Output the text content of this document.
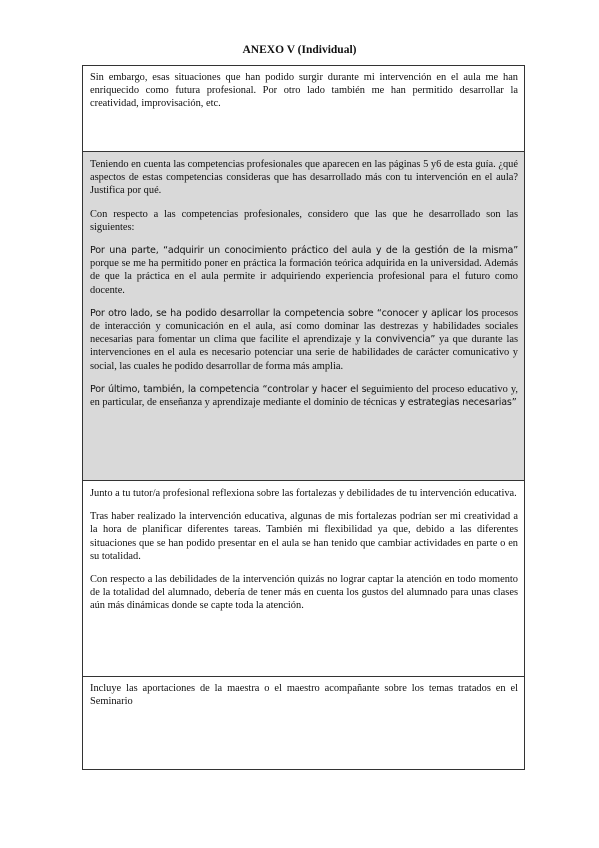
ANEXO V (Individual)

Sin embargo, esas situaciones que han podido surgir durante mi intervención en el aula me han enriquecido como futura profesional. Por otro lado también me han permitido desarrollar la creatividad, improvisación, etc.

Teniendo en cuenta las competencias profesionales que aparecen en las páginas 5 y6 de esta guía. ¿qué aspectos de estas competencias consideras que has desarrollado más con tu intervención en el aula? Justifica por qué.

Con respecto a las competencias profesionales, considero que las que he desarrollado son las siguientes:

Por una parte, “adquirir un conocimiento práctico del aula y de la gestión de la misma” porque se me ha permitido poner en práctica la formación teórica adquirida en la universidad. Además de que la práctica en el aula permite ir adquiriendo experiencia profesional para el futuro como docente.

Por otro lado, se ha podido desarrollar la competencia sobre “conocer y aplicar los procesos de interacción y comunicación en el aula, así como dominar las destrezas y habilidades sociales necesarias para fomentar un clima que facilite el aprendizaje y la convivencia” ya que durante las intervenciones en el aula es necesario potenciar una serie de habilidades de carácter comunicativo y social, las cuales he podido desarrollar de forma más amplia.

Por último, también, la competencia “controlar y hacer el seguimiento del proceso educativo y, en particular, de enseñanza y aprendizaje mediante el dominio de técnicas y estrategias necesarias”

Junto a tu tutor/a profesional reflexiona sobre las fortalezas y debilidades de tu intervención educativa.

Tras haber realizado la intervención educativa, algunas de mis fortalezas podrían ser mi creatividad a la hora de planificar diferentes tareas. También mi flexibilidad ya que, debido a las diferentes situaciones que se han podido presentar en el aula se han tenido que cambiar actividades en parte o en su totalidad.

Con respecto a las debilidades de la intervención quizás no lograr captar la atención en todo momento de la totalidad del alumnado, debería de tener más en cuenta los gustos del alumnado para unas clases aún más dinámicas donde se capte toda la atención.

Incluye las aportaciones de la maestra o el maestro acompañante sobre los temas tratados en el Seminario
